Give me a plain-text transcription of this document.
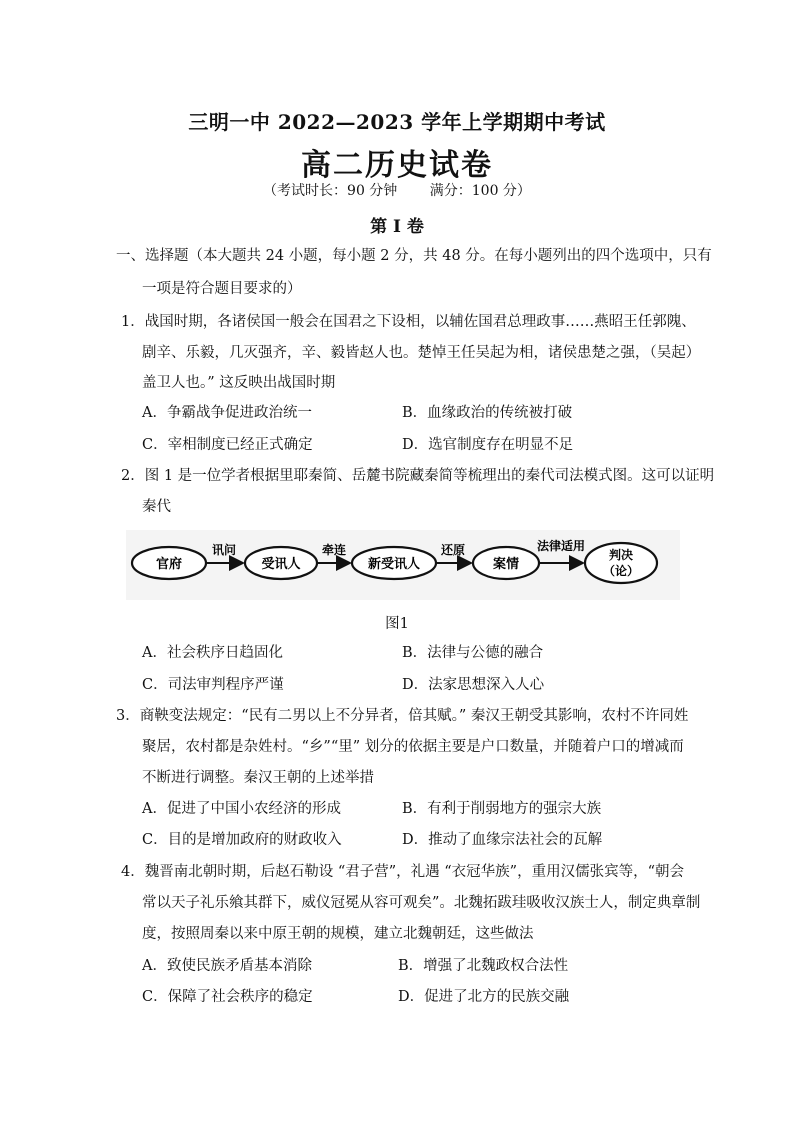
三明一中 2022—2023 学年上学期期中考试
高二历史试卷
（考试时长：90 分钟 满分：100 分）
第 I 卷
一、选择题（本大题共 24 小题，每小题 2 分，共 48 分。在每小题列出的四个选项中，只有
一项是符合题目要求的）
1．战国时期，各诸侯国一般会在国君之下设相，以辅佐国君总理政事……燕昭王任郭隗、
剧辛、乐毅，几灭强齐，辛、毅皆赵人也。楚悼王任吴起为相，诸侯患楚之强，（吴起）
盖卫人也。” 这反映出战国时期
A．争霸战争促进政治统一	B．血缘政治的传统被打破
C．宰相制度已经正式确定	D．选官制度存在明显不足
2．图 1 是一位学者根据里耶秦简、岳麓书院藏秦简等梳理出的秦代司法模式图。这可以证明
秦代
官府	受讯人	新受讯人	案情
判决
（论）
讯问	牵连	还原	法律适用
图1
A．社会秩序日趋固化	B．法律与公德的融合
C．司法审判程序严谨	D．法家思想深入人心
3．商鞅变法规定：“民有二男以上不分异者，倍其赋。” 秦汉王朝受其影响，农村不许同姓
聚居，农村都是杂姓村。“乡”“里” 划分的依据主要是户口数量，并随着户口的增减而
不断进行调整。秦汉王朝的上述举措
A．促进了中国小农经济的形成	B．有利于削弱地方的强宗大族
C．目的是增加政府的财政收入	D．推动了血缘宗法社会的瓦解
4．魏晋南北朝时期，后赵石勒设 “君子营”，礼遇 “衣冠华族”，重用汉儒张宾等，“朝会
常以天子礼乐飨其群下，威仪冠冕从容可观矣”。北魏拓跋珪吸收汉族士人，制定典章制
度，按照周秦以来中原王朝的规模，建立北魏朝廷，这些做法
A．致使民族矛盾基本消除	B．增强了北魏政权合法性
C．保障了社会秩序的稳定	D．促进了北方的民族交融
